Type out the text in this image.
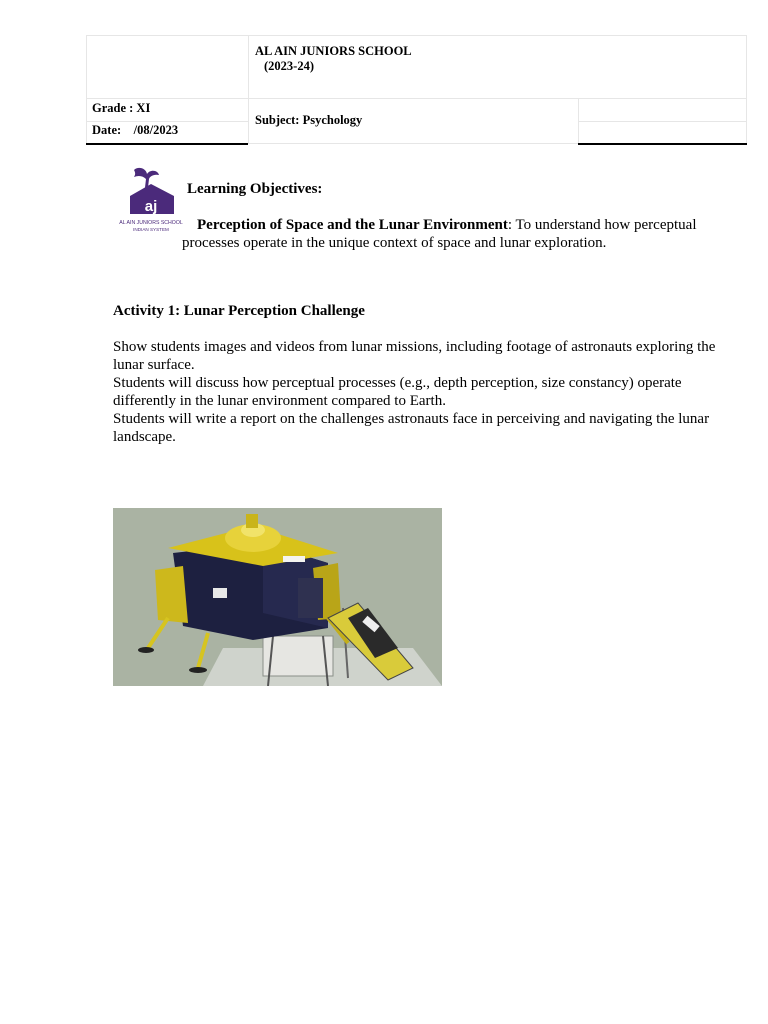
AL AIN JUNIORS SCHOOL
(2023-24)
Grade : XI
Date:    /08/2023
Subject: Psychology
aj
AL AIN JUNIORS SCHOOL
INDIAN SYSTEM
Learning Objectives:
Perception of Space and the Lunar Environment: To understand how perceptual processes operate in the unique context of space and lunar exploration.
Activity 1: Lunar Perception Challenge

Show students images and videos from lunar missions, including footage of astronauts exploring the lunar surface.

Students will discuss how perceptual processes (e.g., depth perception, size constancy) operate differently in the lunar environment compared to Earth.

Students will write a report on the challenges astronauts face in perceiving and navigating the lunar landscape.
